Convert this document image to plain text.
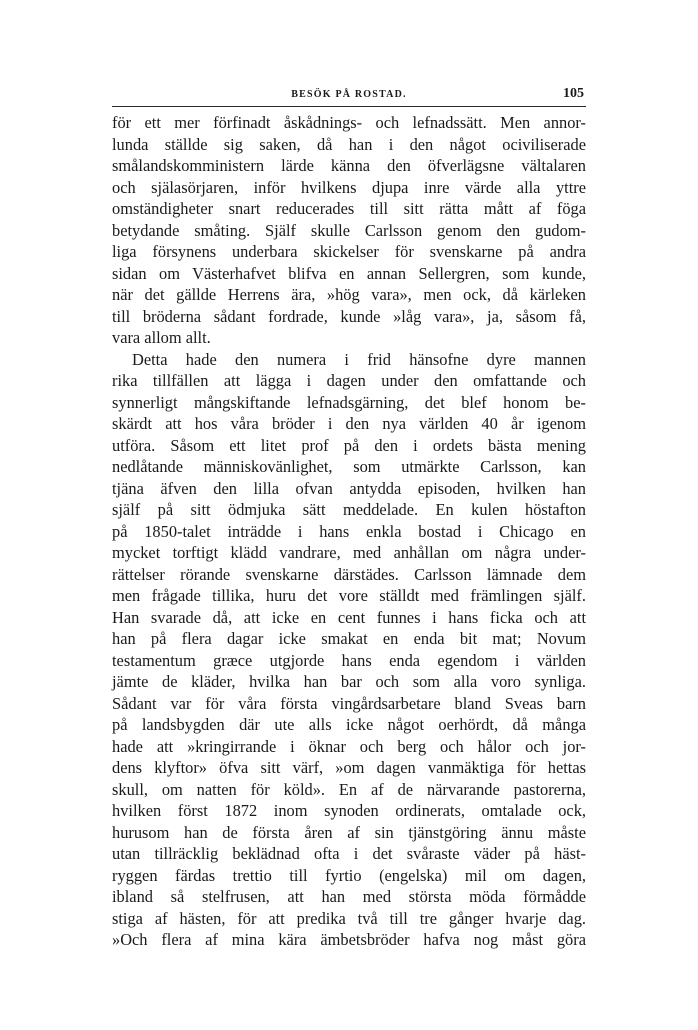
BESÖK PÅ ROSTAD.	105
för ett mer förfinadt åskådnings- och lefnadssätt. Men annor-
lunda ställde sig saken, då han i den något ociviliserade
smålandskomministern lärde känna den öfverlägsne vältalaren
och själasörjaren, inför hvilkens djupa inre värde alla yttre
omständigheter snart reducerades till sitt rätta mått af föga
betydande småting. Själf skulle Carlsson genom den gudom-
liga försynens underbara skickelser för svenskarne på andra
sidan om Västerhafvet blifva en annan Sellergren, som kunde,
när det gällde Herrens ära, »hög vara», men ock, då kärleken
till bröderna sådant fordrade, kunde »låg vara», ja, såsom få,
vara allom allt.
Detta hade den numera i frid hänsofne dyre mannen
rika tillfällen att lägga i dagen under den omfattande och
synnerligt mångskiftande lefnadsgärning, det blef honom be-
skärdt att hos våra bröder i den nya världen 40 år igenom
utföra. Såsom ett litet prof på den i ordets bästa mening
nedlåtande människovänlighet, som utmärkte Carlsson, kan
tjäna äfven den lilla ofvan antydda episoden, hvilken han
själf på sitt ödmjuka sätt meddelade. En kulen höstafton
på 1850-talet inträdde i hans enkla bostad i Chicago en
mycket torftigt klädd vandrare, med anhållan om några under-
rättelser rörande svenskarne därstädes. Carlsson lämnade dem
men frågade tillika, huru det vore ställdt med främlingen själf.
Han svarade då, att icke en cent funnes i hans ficka och att
han på flera dagar icke smakat en enda bit mat; Novum
testamentum græce utgjorde hans enda egendom i världen
jämte de kläder, hvilka han bar och som alla voro synliga.
Sådant var för våra första vingårdsarbetare bland Sveas barn
på landsbygden där ute alls icke något oerhördt, då många
hade att »kringirrande i öknar och berg och hålor och jor-
dens klyftor» öfva sitt värf, »om dagen vanmäktiga för hettas
skull, om natten för köld». En af de närvarande pastorerna,
hvilken först 1872 inom synoden ordinerats, omtalade ock,
hurusom han de första åren af sin tjänstgöring ännu måste
utan tillräcklig beklädnad ofta i det svåraste väder på häst-
ryggen färdas trettio till fyrtio (engelska) mil om dagen,
ibland så stelfrusen, att han med största möda förmådde
stiga af hästen, för att predika två till tre gånger hvarje dag.
»Och flera af mina kära ämbetsbröder hafva nog måst göra
